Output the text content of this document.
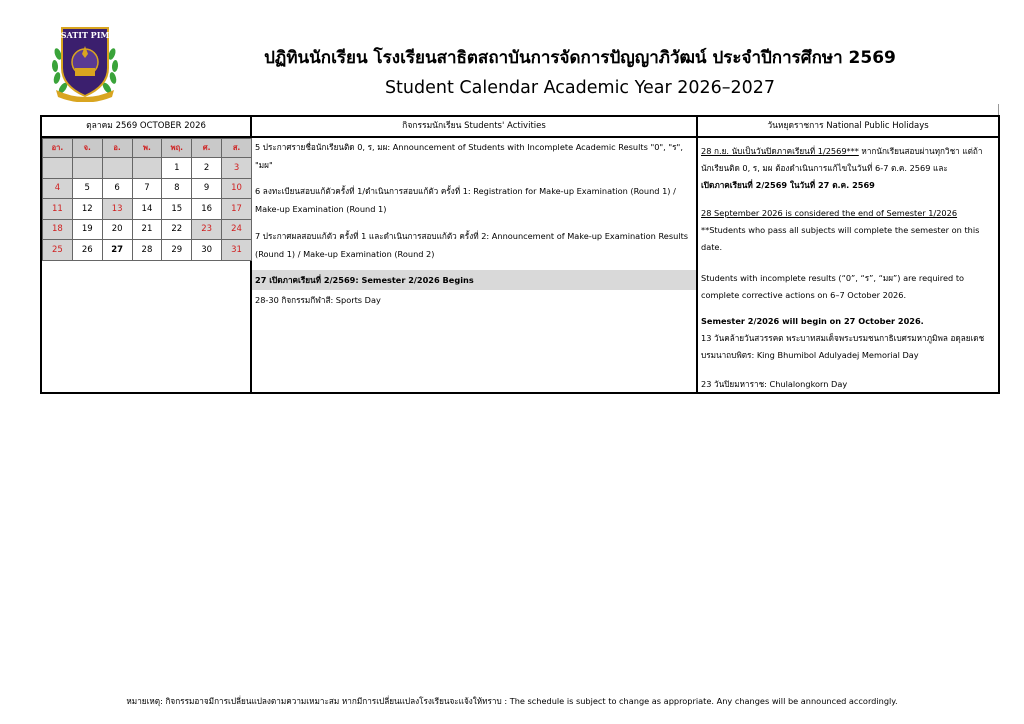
SATIT PIM
ปฏิทินนักเรียน โรงเรียนสาธิตสถาบันการจัดการปัญญาภิวัฒน์ ประจำปีการศึกษา 2569
Student Calendar Academic Year 2026–2027
ตุลาคม 2569 OCTOBER 2026
อา.	จ.	อ.	พ.	พฤ.	ศ.	ส.
				1	2	3
4	5	6	7	8	9	10
11	12	13	14	15	16	17
18	19	20	21	22	23	24
25	26	27	28	29	30	31
กิจกรรมนักเรียน Students' Activities
5 ประกาศรายชื่อนักเรียนติด 0, ร, มผ: Announcement of Students with Incomplete Academic Results "0", "ร", "มผ"
6 ลงทะเบียนสอบแก้ตัวครั้งที่ 1/ดำเนินการสอบแก้ตัว ครั้งที่ 1: Registration for Make-up Examination (Round 1) / Make-up Examination (Round 1)
7 ประกาศผลสอบแก้ตัว ครั้งที่ 1 และดำเนินการสอบแก้ตัว ครั้งที่ 2: Announcement of Make-up Examination Results (Round 1) / Make-up Examination (Round 2)
27 เปิดภาคเรียนที่ 2/2569: Semester 2/2026 Begins
28-30 กิจกรรมกีฬาสี: Sports Day
วันหยุดราชการ National Public Holidays
28 ก.ย. นับเป็นวันปิดภาคเรียนที่ 1/2569*** หากนักเรียนสอบผ่านทุกวิชา แต่ถ้านักเรียนติด 0, ร, มผ ต้องดำเนินการแก้ไขในวันที่ 6-7 ต.ค. 2569 และ
เปิดภาคเรียนที่ 2/2569 ในวันที่ 27 ต.ค. 2569
28 September 2026 is considered the end of Semester 1/2026
**Students who pass all subjects will complete the semester on this date.
Students with incomplete results (“0”, “ร”, “มผ”) are required to complete corrective actions on 6–7 October 2026.
Semester 2/2026 will begin on 27 October 2026.
13 วันคล้ายวันสวรรคต พระบาทสมเด็จพระบรมชนกาธิเบศรมหาภูมิพล อดุลยเดช บรมนาถบพิตร: King Bhumibol Adulyadej Memorial Day
23 วันปิยมหาราช: Chulalongkorn Day
หมายเหตุ: กิจกรรมอาจมีการเปลี่ยนแปลงตามความเหมาะสม หากมีการเปลี่ยนแปลงโรงเรียนจะแจ้งให้ทราบ : The schedule is subject to change as appropriate. Any changes will be announced accordingly.
